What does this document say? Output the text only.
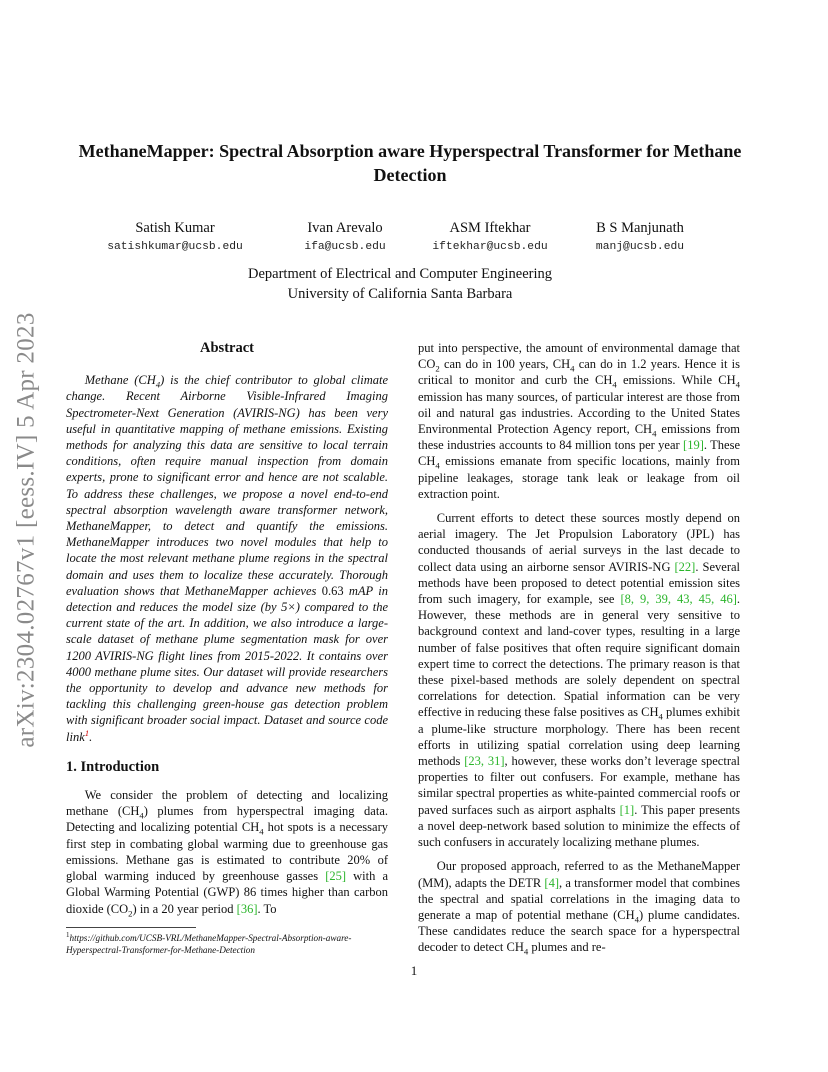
arXiv:2304.02767v1 [eess.IV] 5 Apr 2023
MethaneMapper: Spectral Absorption aware Hyperspectral Transformer for Methane Detection
Satish Kumar
satishkumar@ucsb.edu
Ivan Arevalo
ifa@ucsb.edu
ASM Iftekhar
iftekhar@ucsb.edu
B S Manjunath
manj@ucsb.edu
Department of Electrical and Computer Engineering
University of California Santa Barbara
Abstract

Methane $(CH_4)$ is the chief contributor to global climate change. Recent Airborne Visible-Infrared Imaging Spectrometer-Next Generation (AVIRIS-NG) has been very useful in quantitative mapping of methane emissions. Existing methods for analyzing this data are sensitive to local terrain conditions, often require manual inspection from domain experts, prone to significant error and hence are not scalable. To address these challenges, we propose a novel end-to-end spectral absorption wavelength aware transformer network, MethaneMapper, to detect and quantify the emissions. MethaneMapper introduces two novel modules that help to locate the most relevant methane plume regions in the spectral domain and uses them to localize these accurately. Thorough evaluation shows that MethaneMapper achieves 0.63 mAP in detection and reduces the model size (by 5×) compared to the current state of the art. In addition, we also introduce a large-scale dataset of methane plume segmentation mask for over 1200 AVIRIS-NG flight lines from 2015-2022. It contains over 4000 methane plume sites. Our dataset will provide researchers the opportunity to develop and advance new methods for tackling this challenging green-house gas detection problem with significant broader social impact. Dataset and source code link$^1$.

1. Introduction

We consider the problem of detecting and localizing methane $(CH_4)$ plumes from hyperspectral imaging data. Detecting and localizing potential $CH_4$ hot spots is a necessary first step in combating global warming due to greenhouse gas emissions. Methane gas is estimated to contribute 20% of global warming induced by greenhouse gasses [25] with a Global Warming Potential (GWP) 86 times higher than carbon dioxide $(CO_2)$ in a 20 year period [36]. To

$^1$https://github.com/UCSB-VRL/MethaneMapper-Spectral-Absorption-aware-Hyperspectral-Transformer-for-Methane-Detection

put into perspective, the amount of environmental damage that $CO_2$ can do in 100 years, $CH_4$ can do in 1.2 years. Hence it is critical to monitor and curb the $CH_4$ emissions. While $CH_4$ emission has many sources, of particular interest are those from oil and natural gas industries. According to the United States Environmental Protection Agency report, $CH_4$ emissions from these industries accounts to 84 million tons per year [19]. These $CH_4$ emissions emanate from specific locations, mainly from pipeline leakages, storage tank leak or leakage from oil extraction point.

Current efforts to detect these sources mostly depend on aerial imagery. The Jet Propulsion Laboratory (JPL) has conducted thousands of aerial surveys in the last decade to collect data using an airborne sensor AVIRIS-NG [22]. Several methods have been proposed to detect potential emission sites from such imagery, for example, see [8, 9, 39, 43, 45, 46]. However, these methods are in general very sensitive to background context and land-cover types, resulting in a large number of false positives that often require significant domain expert time to correct the detections. The primary reason is that these pixel-based methods are solely dependent on spectral correlations for detection. Spatial information can be very effective in reducing these false positives as $CH_4$ plumes exhibit a plume-like structure morphology. There has been recent efforts in utilizing spatial correlation using deep learning methods [23, 31], however, these works don’t leverage spectral properties to filter out confusers. For example, methane has similar spectral properties as white-painted commercial roofs or paved surfaces such as airport asphalts [1]. This paper presents a novel deep-network based solution to minimize the effects of such confusers in accurately localizing methane plumes.

Our proposed approach, referred to as the MethaneMapper (MM), adapts the DETR [4], a transformer model that combines the spectral and spatial correlations in the imaging data to generate a map of potential methane $(CH_4)$ plume candidates. These candidates reduce the search space for a hyperspectral decoder to detect $CH_4$ plumes and re-

1
